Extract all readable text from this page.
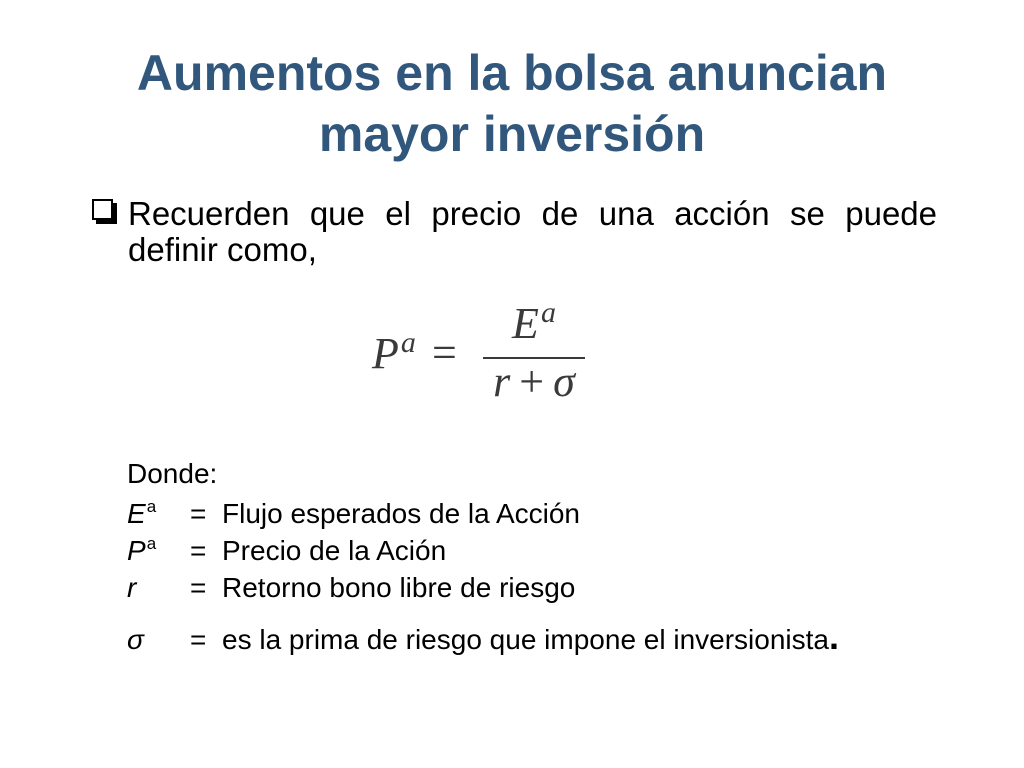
Aumentos en la bolsa anuncian
mayor inversión
Recuerden que el precio de una acción se puede
definir como,
$P^a$ =
$E^a$
r + σ
Donde:
$E^a$	= Flujo esperados de la Acción
$P^a$	= Precio de la Ación
r	= Retorno bono libre de riesgo
σ	= es la prima de riesgo que impone el inversionista.
